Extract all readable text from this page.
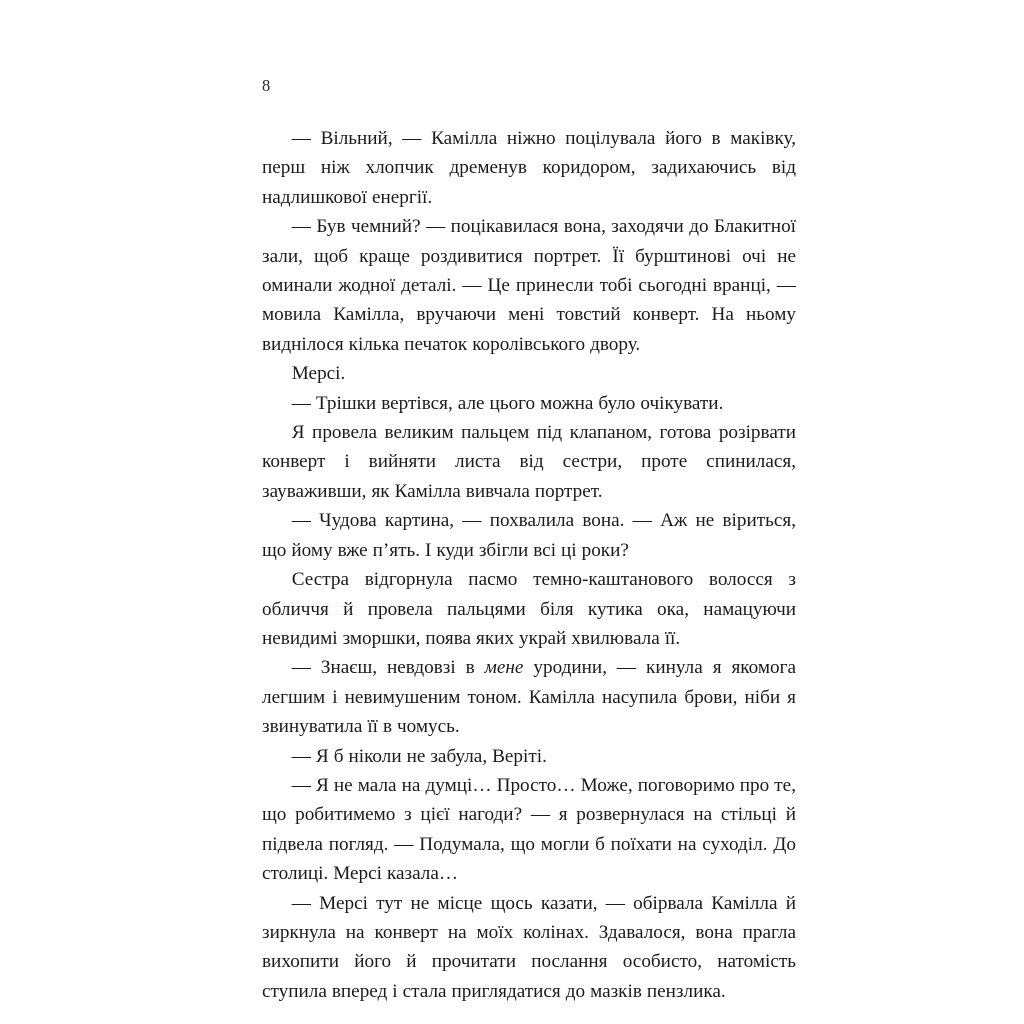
8

— Вільний, — Камілла ніжно поцілувала його в маківку, перш ніж хлопчик дременув коридором, задихаючись від надлишкової енергії.

— Був чемний? — поцікавилася вона, заходячи до Блакитної зали, щоб краще роздивитися портрет. Її бурштинові очі не оминали жодної деталі. — Це принесли тобі сьогодні вранці, — мовила Камілла, вручаючи мені товстий конверт. На ньому виднілося кілька печаток королівського двору.

Мерсі.

— Трішки вертівся, але цього можна було очікувати.

Я провела великим пальцем під клапаном, готова розірвати конверт і вийняти листа від сестри, проте спинилася, зауваживши, як Камілла вивчала портрет.

— Чудова картина, — похвалила вона. — Аж не віриться, що йому вже п’ять. І куди збігли всі ці роки?

Сестра відгорнула пасмо темно-каштанового волосся з обличчя й провела пальцями біля кутика ока, намацуючи невидимі зморшки, поява яких украй хвилювала її.

— Знаєш, невдовзі в мене уродини, — кинула я якомога легшим і невимушеним тоном. Камілла насупила брови, ніби я звинуватила її в чомусь.

— Я б ніколи не забула, Веріті.

— Я не мала на думці… Просто… Може, поговоримо про те, що робитимемо з цієї нагоди? — я розвернулася на стільці й підвела погляд. — Подумала, що могли б поїхати на суходіл. До столиці. Мерсі казала…

— Мерсі тут не місце щось казати, — обірвала Камілла й зиркнула на конверт на моїх колінах. Здавалося, вона прагла вихопити його й прочитати послання особисто, натомість ступила вперед і стала приглядатися до мазків пензлика.
